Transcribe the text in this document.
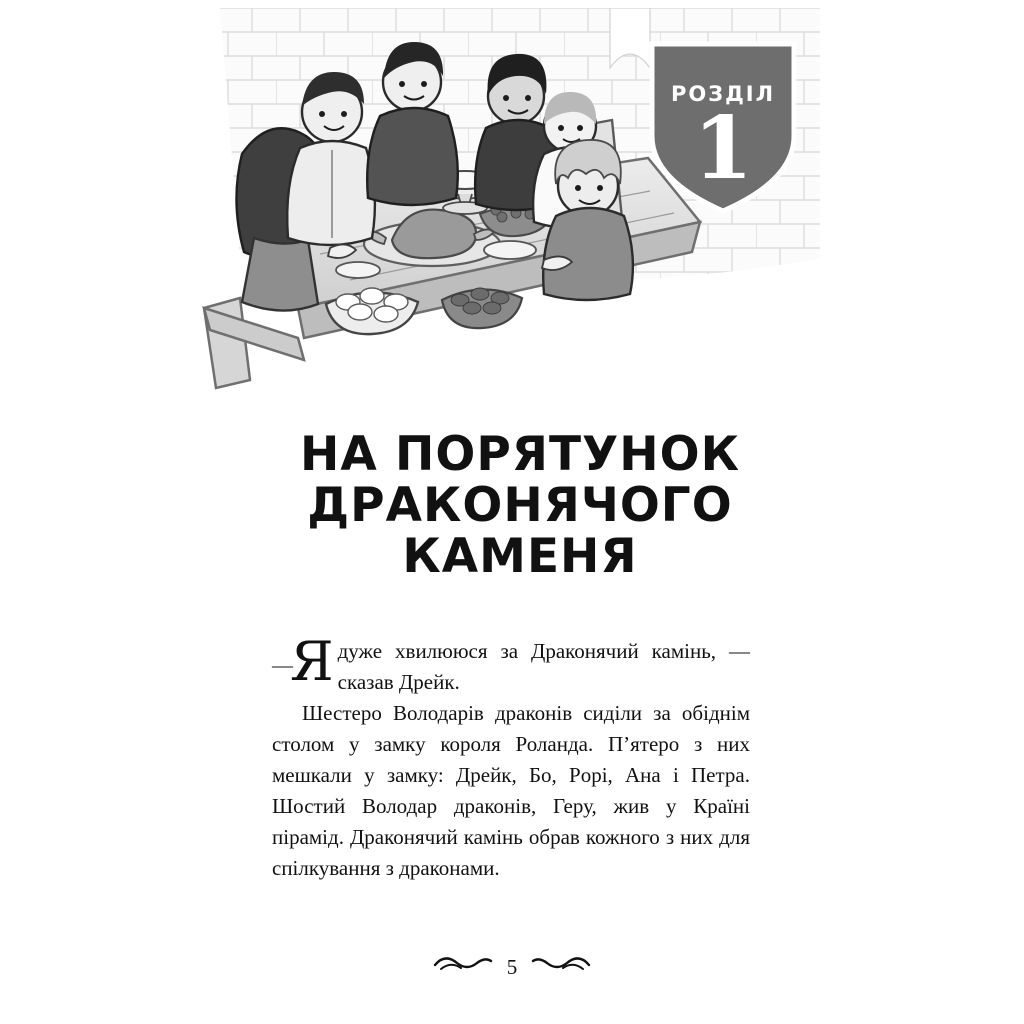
РОЗДІЛ
1
НА ПОРЯТУНОК
ДРАКОНЯЧОГО
КАМЕНЯ

—
Я дуже хвилююся за Драконячий камінь, — сказав Дрейк.

Шестеро Володарів драконів сиділи за обіднім столом у замку короля Роланда. П’ятеро з них мешкали у замку: Дрейк, Бо, Popi, Ана і Петра. Шостий Володар драконів, Геру, жив у Країні пірамід. Драконячий камінь обрав кожного з них для спілкування з драконами.

5
